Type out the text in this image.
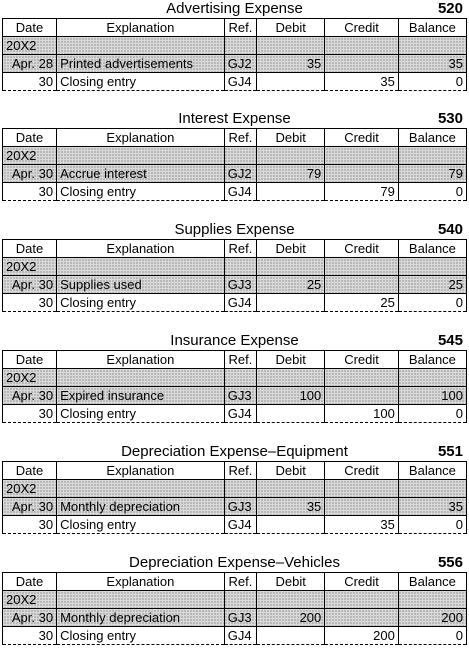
Advertising Expense	520
Date	Explanation	Ref.	Debit	Credit	Balance
20X2					
Apr. 28	Printed advertisements	GJ2	35		35
30	Closing entry	GJ4		35	0
Interest Expense	530
Date	Explanation	Ref.	Debit	Credit	Balance
20X2					
Apr. 30	Accrue interest	GJ2	79		79
30	Closing entry	GJ4		79	0
Supplies Expense	540
Date	Explanation	Ref.	Debit	Credit	Balance
20X2					
Apr. 30	Supplies used	GJ3	25		25
30	Closing entry	GJ4		25	0
Insurance Expense	545
Date	Explanation	Ref.	Debit	Credit	Balance
20X2					
Apr. 30	Expired insurance	GJ3	100		100
30	Closing entry	GJ4		100	0
Depreciation Expense–Equipment	551
Date	Explanation	Ref.	Debit	Credit	Balance
20X2					
Apr. 30	Monthly depreciation	GJ3	35		35
30	Closing entry	GJ4		35	0
Depreciation Expense–Vehicles	556
Date	Explanation	Ref.	Debit	Credit	Balance
20X2					
Apr. 30	Monthly depreciation	GJ3	200		200
30	Closing entry	GJ4		200	0
